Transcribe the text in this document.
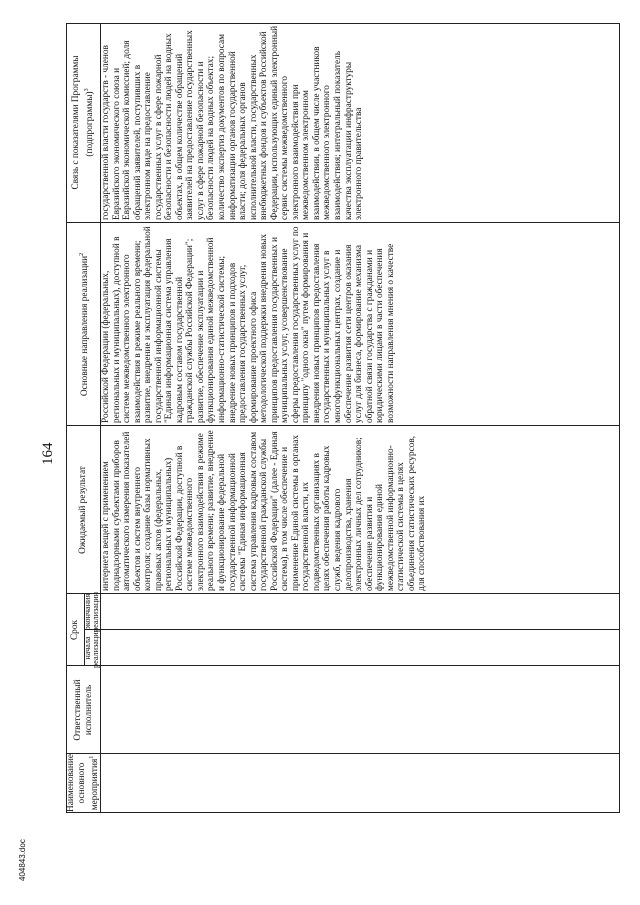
404843.doc
164
Наименование основного мероприятия$^1$
Ответственный исполнитель
Срок
начала реализации
окончания реализации
Ожидаемый результат
Основные направления реализации$^2$
Связь с показателями Программы (подпрограммы)$^3$
интернета вещей с применением поднадзорными субъектами приборов автоматического измерения показателей объектов и систем внутреннего контроля; создание базы нормативных правовых актов (федеральных, региональных и муниципальных) Российской Федерации, доступной в системе межведомственного электронного взаимодействия в режиме реального времени; развитие, внедрение и функционирование федеральной государственной информационной системы "Единая информационная система управления кадровым составом государственной гражданской службы Российской Федерации" (далее - Единая система), в том числе обеспечение и применение Единой системы в органах государственной власти, их подведомственных организациях в целях обеспечения работы кадровых служб, ведения кадрового делопроизводства, хранения электронных личных дел сотрудников; обеспечение развития и функционирования единой межведомственной информационно-статистической системы в целях объединения статистических ресурсов, для способствования их
Российской Федерации (федеральных, региональных и муниципальных), доступной в системе межведомственного электронного взаимодействия в режиме реального времени; развитие, внедрение и эксплуатация федеральной государственной информационной системы "Единая информационная система управления кадровым составом государственной гражданской службы Российской Федерации"; развитие, обеспечение эксплуатации и функционирования единой межведомственной информационно-статистической системы; внедрение новых принципов и подходов предоставления государственных услуг, формирование проектного офиса методологической поддержки внедрения новых принципов предоставления государственных и муниципальных услуг, усовершенствование сферы предоставления государственных услуг по принципу "одного окна" путем формирования и внедрения новых принципов предоставления государственных и муниципальных услуг в многофункциональных центрах, создание и обеспечение развития сети центров оказания услуг для бизнеса, формирование механизма обратной связи государства с гражданами и юридическими лицами в части обеспечения возможности направления мнения о качестве
государственной власти государств - членов Евразийского экономического союза и Евразийской экономической комиссией; доля обращений заявителей, поступивших в электронном виде на предоставление государственных услуг в сфере пожарной безопасности и безопасности людей на водных объектах, в общем количестве обращений заявителей на предоставление государственных услуг в сфере пожарной безопасности и безопасности людей на водных объектах; количество экспертиз документов по вопросам информатизации органов государственной власти; доля федеральных органов исполнительной власти, государственных внебюджетных фондов и субъектов Российской Федерации, использующих единый электронный сервис системы межведомственного электронного взаимодействия при межведомственном электронном взаимодействии, в общем числе участников межведомственного электронного взаимодействия; интегральный показатель качества эксплуатации инфраструктуры электронного правительства
